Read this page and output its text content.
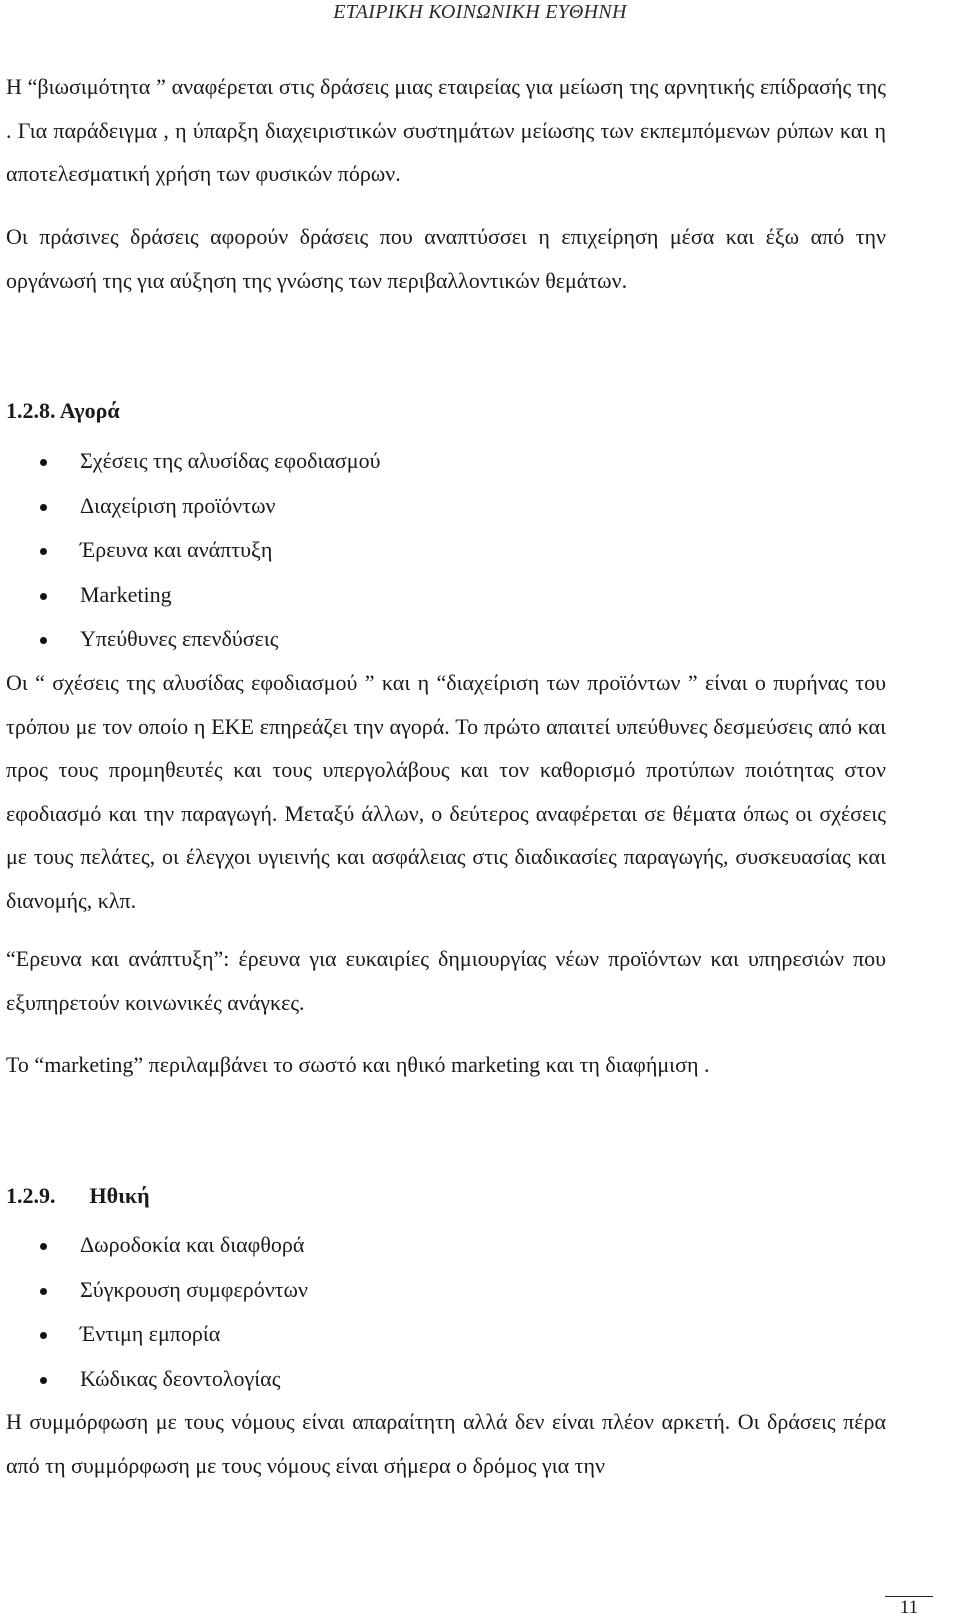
ΕΤΑΙΡΙΚΗ ΚΟΙΝΩΝΙΚΗ ΕΥΘΗΝΗ

Η “βιωσιμότητα ” αναφέρεται στις δράσεις μιας εταιρείας για μείωση της αρνητικής επίδρασής της . Για παράδειγμα , η ύπαρξη διαχειριστικών συστημάτων μείωσης των εκπεμπόμενων ρύπων και η αποτελεσματική χρήση των φυσικών πόρων.

Οι πράσινες δράσεις αφορούν δράσεις που αναπτύσσει η επιχείρηση μέσα και έξω από την οργάνωσή της για αύξηση της γνώσης των περιβαλλοντικών θεμάτων.

1.2.8. Αγορά
Σχέσεις της αλυσίδας εφοδιασμού
Διαχείριση προϊόντων
Έρευνα και ανάπτυξη
Marketing
Υπεύθυνες επενδύσεις

Οι “ σχέσεις της αλυσίδας εφοδιασμού ” και η “διαχείριση των προϊόντων ” είναι ο πυρήνας του τρόπου με τον οποίο η ΕΚΕ επηρεάζει την αγορά. Το πρώτο απαιτεί υπεύθυνες δεσμεύσεις από και προς τους προμηθευτές και τους υπεργολάβους και τον καθορισμό προτύπων ποιότητας στον εφοδιασμό και την παραγωγή. Μεταξύ άλλων, ο δεύτερος αναφέρεται σε θέματα όπως οι σχέσεις με τους πελάτες, οι έλεγχοι υγιεινής και ασφάλειας στις διαδικασίες παραγωγής, συσκευασίας και διανομής, κλπ.

“Ερευνα και ανάπτυξη”: έρευνα για ευκαιρίες δημιουργίας νέων προϊόντων και υπηρεσιών που εξυπηρετούν κοινωνικές ανάγκες.

Το “marketing” περιλαμβάνει το σωστό και ηθικό marketing και τη διαφήμιση .

1.2.9. Ηθική
Δωροδοκία και διαφθορά
Σύγκρουση συμφερόντων
Έντιμη εμπορία
Κώδικας δεοντολογίας

Η συμμόρφωση με τους νόμους είναι απαραίτητη αλλά δεν είναι πλέον αρκετή. Οι δράσεις πέρα από τη συμμόρφωση με τους νόμους είναι σήμερα ο δρόμος για την

11
